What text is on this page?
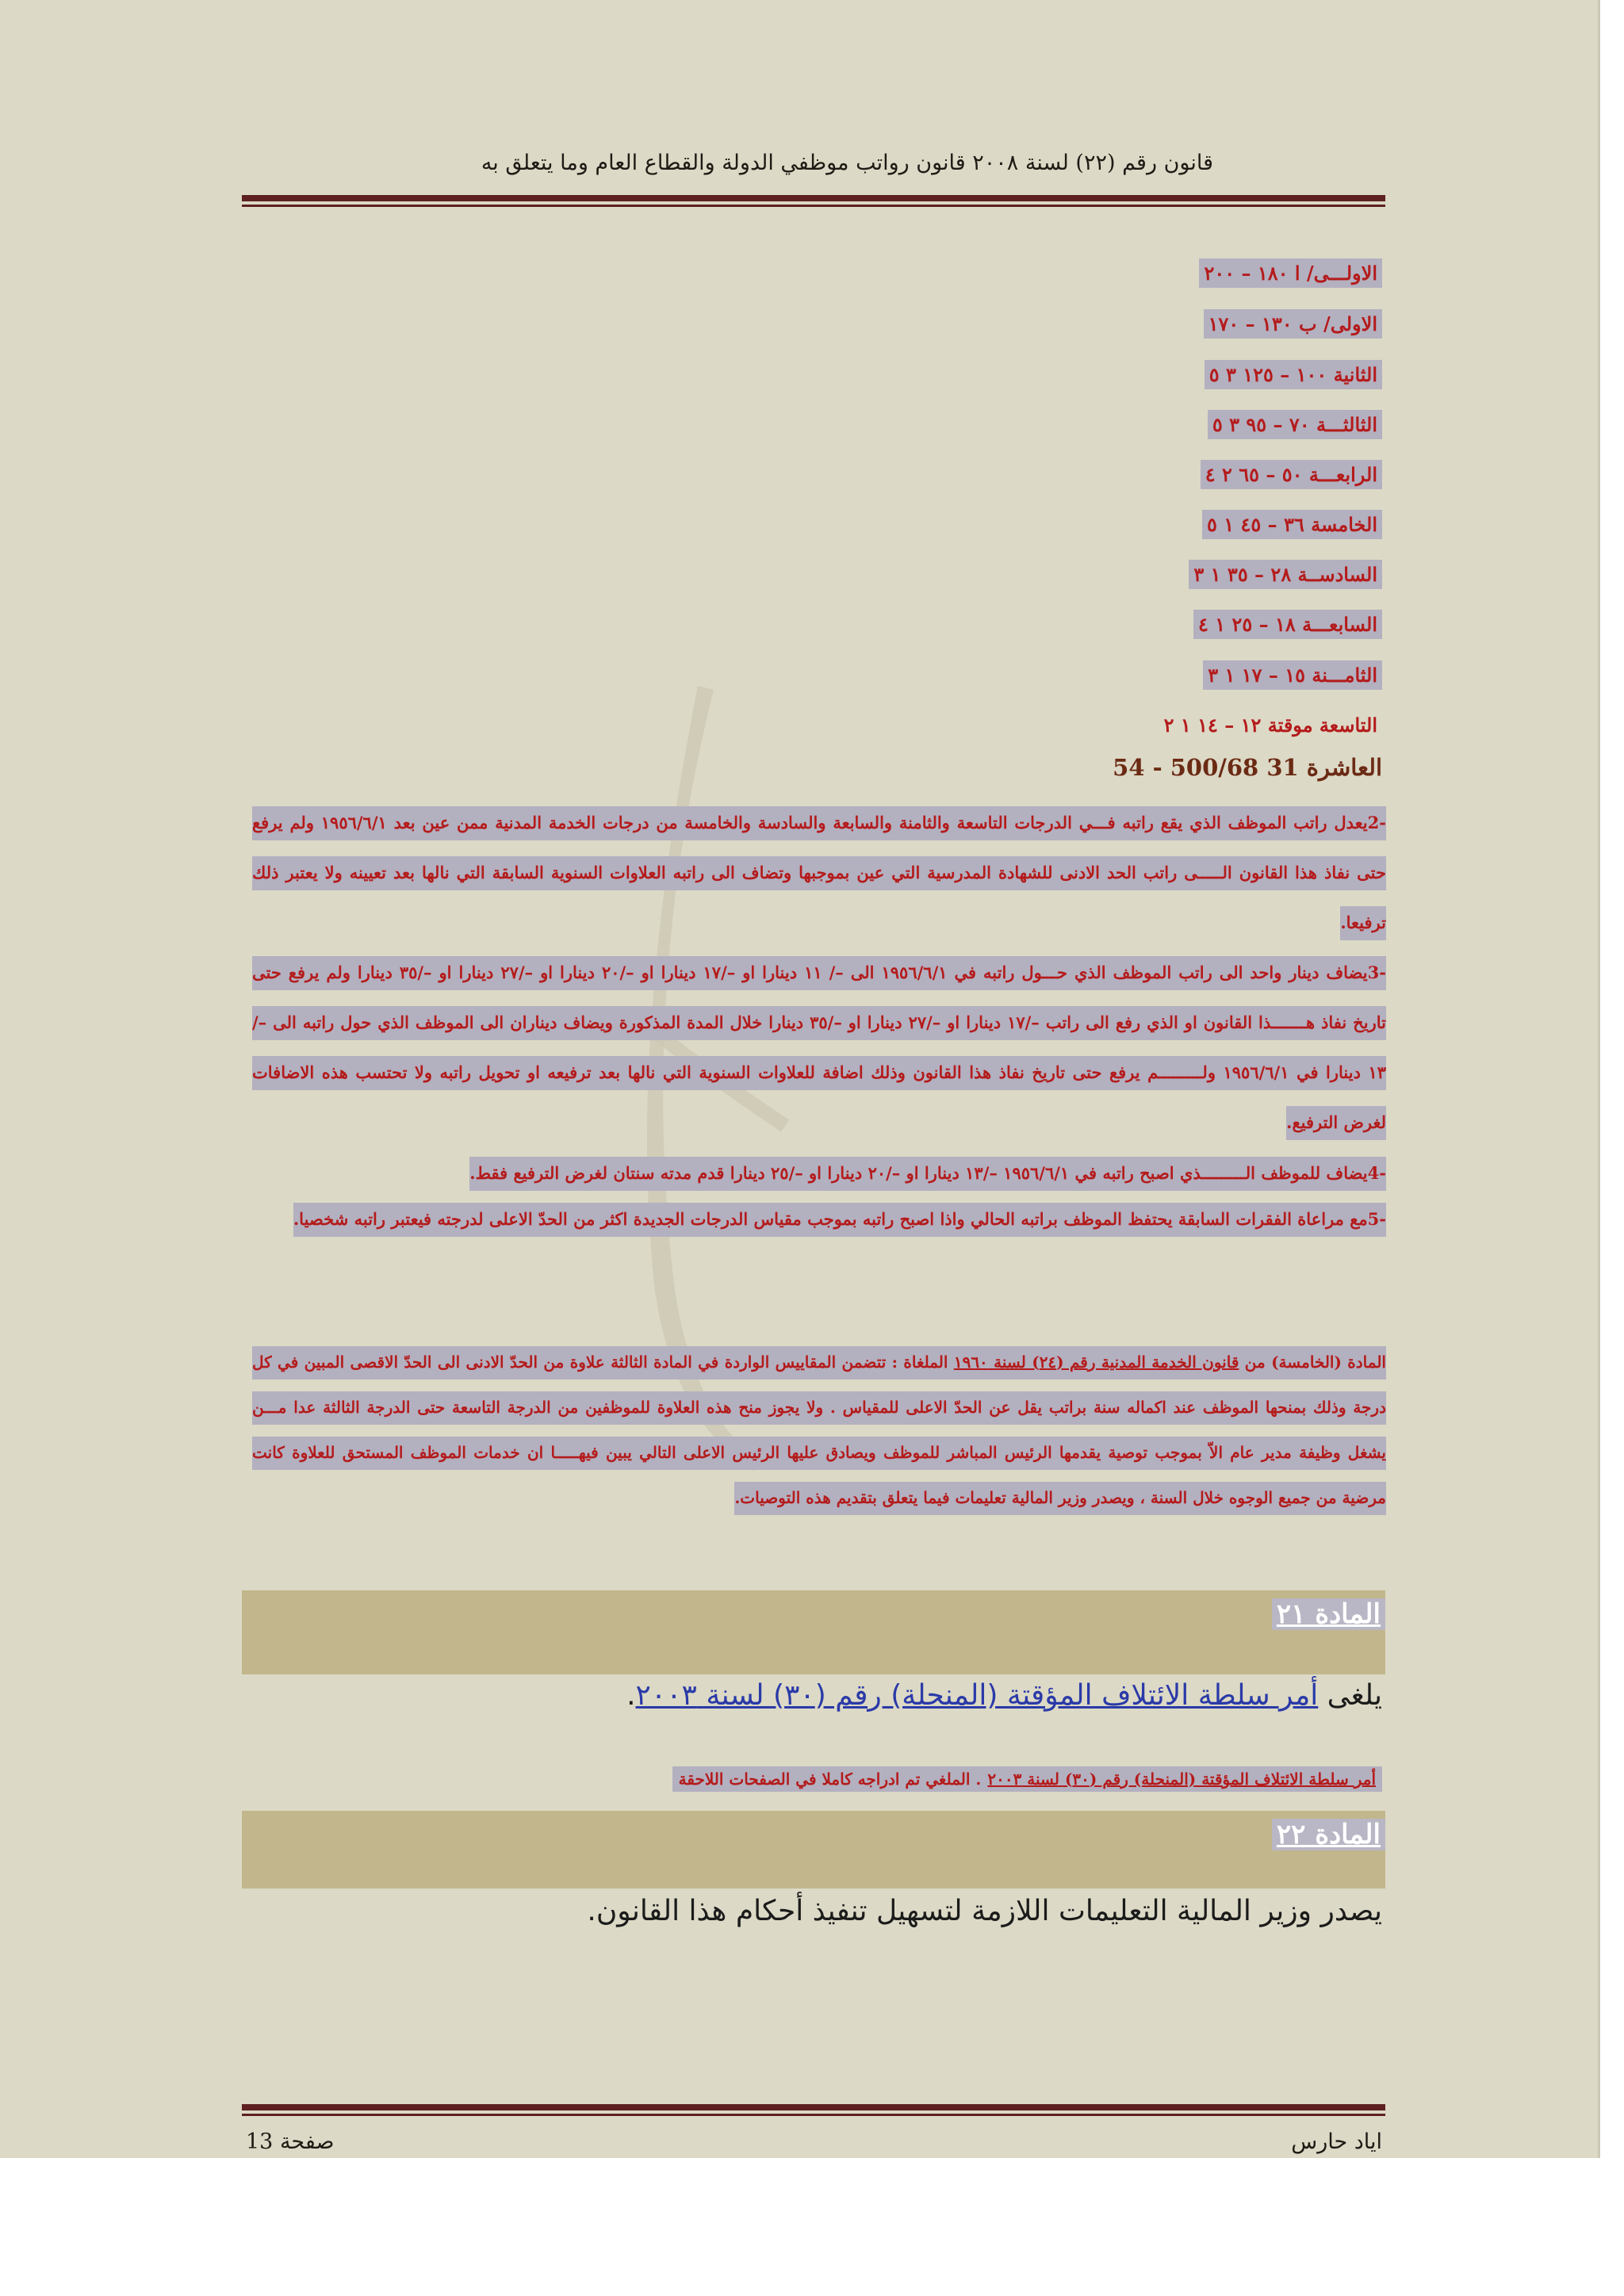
قانون رقم (٢٢) لسنة ٢٠٠٨ قانون رواتب موظفي الدولة والقطاع العام وما يتعلق به
الاولـــى/ ا ١٨٠ – ٢٠٠
الاولى/ ب ١٣٠ – ١٧٠
الثانية ١٠٠ – ١٢٥ ٣ ٥
الثالثـــة ٧٠ – ٩٥ ٣ ٥
الرابعـــة ٥٠ – ٦٥ ٢ ٤
الخامسة ٣٦ – ٤٥ ١ ٥
السادســة ٢٨ – ٣٥ ١ ٣
السابعـــة ١٨ – ٢٥ ١ ٤
الثامـــنة ١٥ – ١٧ ١ ٣
التاسعة موقتة ١٢ – ١٤ ١ ٢
العاشرة 31 500/68 - 54
-2يعدل راتب الموظف الذي يقع راتبه فـــي الدرجات التاسعة والثامنة والسابعة والسادسة والخامسة من درجات الخدمة المدنية ممن عين بعد ١٩٥٦/٦/١ ولم يرفع حتى نفاذ هذا القانون الـــــى راتب الحد الادنى للشهادة المدرسية التي عين بموجبها وتضاف الى راتبه العلاوات السنوية السابقة التي نالها بعد تعيينه ولا يعتبر ذلك ترفيعا.
-3يضاف دينار واحد الى راتب الموظف الذي حـــول راتبه في ١٩٥٦/٦/١ الى –/ ١١ دينارا او –/١٧ دينارا او –/٢٠ دينارا او –/٢٧ دينارا او –/٣٥ دينارا ولم يرفع حتى تاريخ نفاذ هـــــــذا القانون او الذي رفع الى راتب –/١٧ دينارا او –/٢٧ دينارا او –/٣٥ دينارا خلال المدة المذكورة ويضاف ديناران الى الموظف الذي حول راتبه الى –/١٣ دينارا في ١٩٥٦/٦/١ ولـــــــــم يرفع حتى تاريخ نفاذ هذا القانون وذلك اضافة للعلاوات السنوية التي نالها بعد ترفيعه او تحويل راتبه ولا تحتسب هذه الاضافات لغرض الترفيع.
-4يضاف للموظف الـــــــــذي اصبح راتبه في ١٩٥٦/٦/١ –/١٣ دينارا او –/٢٠ دينارا او –/٢٥ دينارا قدم مدته سنتان لغرض الترفيع فقط.
-5مع مراعاة الفقرات السابقة يحتفظ الموظف براتبه الحالي واذا اصبح راتبه بموجب مقياس الدرجات الجديدة اكثر من الحدّ الاعلى لدرجته فيعتبر راتبه شخصيا.
المادة (الخامسة) من قانون الخدمة المدنية رقم (٢٤) لسنة ١٩٦٠ الملغاة : تتضمن المقاييس الواردة في المادة الثالثة علاوة من الحدّ الادنى الى الحدّ الاقصى المبين في كل درجة وذلك بمنحها الموظف عند اكماله سنة براتب يقل عن الحدّ الاعلى للمقياس . ولا يجوز منح هذه العلاوة للموظفين من الدرجة التاسعة حتى الدرجة الثالثة عدا مـــن يشغل وظيفة مدير عام الاّ بموجب توصية يقدمها الرئيس المباشر للموظف ويصادق عليها الرئيس الاعلى التالي يبين فيهـــــا ان خدمات الموظف المستحق للعلاوة كانت مرضية من جميع الوجوه خلال السنة ، ويصدر وزير المالية تعليمات فيما يتعلق بتقديم هذه التوصيات.
المادة ٢١
يلغى أمر سلطة الائتلاف المؤقتة (المنحلة) رقم (٣٠) لسنة ٢٠٠٣.
أمر سلطة الائتلاف المؤقتة (المنحلة) رقم (٣٠) لسنة ٢٠٠٣. الملغي تم ادراجه كاملا في الصفحات اللاحقة
المادة ٢٢
يصدر وزير المالية التعليمات اللازمة لتسهيل تنفيذ أحكام هذا القانون.
اياد حارس
صفحة 13
